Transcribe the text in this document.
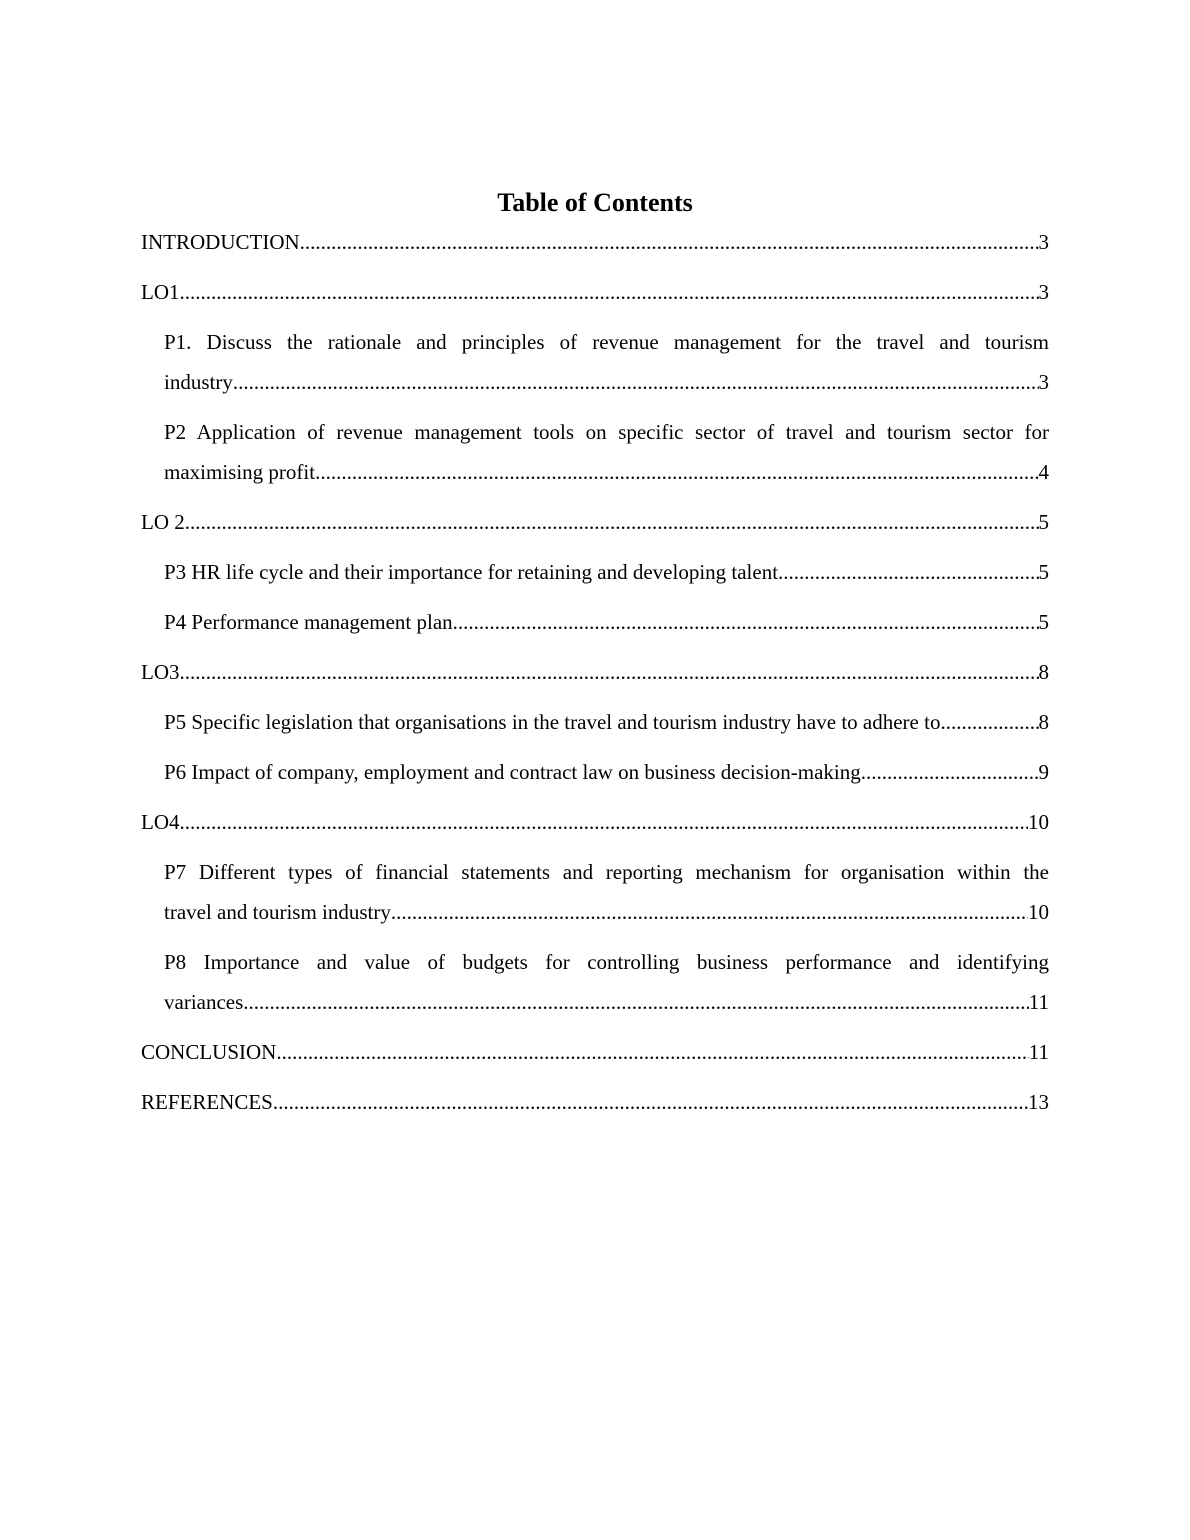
Table of Contents
INTRODUCTION .....	3
LO1 .....	3
P1. Discuss the rationale and principles of revenue management for the travel and tourism
industry .....	3
P2 Application of revenue management tools on specific sector of travel and tourism sector for
maximising profit .....	4
LO 2 .....	5
P3 HR life cycle and their importance for retaining and developing talent .....	5
P4 Performance management plan .....	5
LO3 .....	8
P5 Specific legislation that organisations in the travel and tourism industry have to adhere to. .....	8
P6 Impact of company, employment and contract law on business decision-making .....	9
LO4 .....	10
P7 Different types of financial statements and reporting mechanism for organisation within the
travel and tourism industry .....	10
P8 Importance and value of budgets for controlling business performance and identifying
variances .....	11
CONCLUSION .....	11
REFERENCES .....	13
